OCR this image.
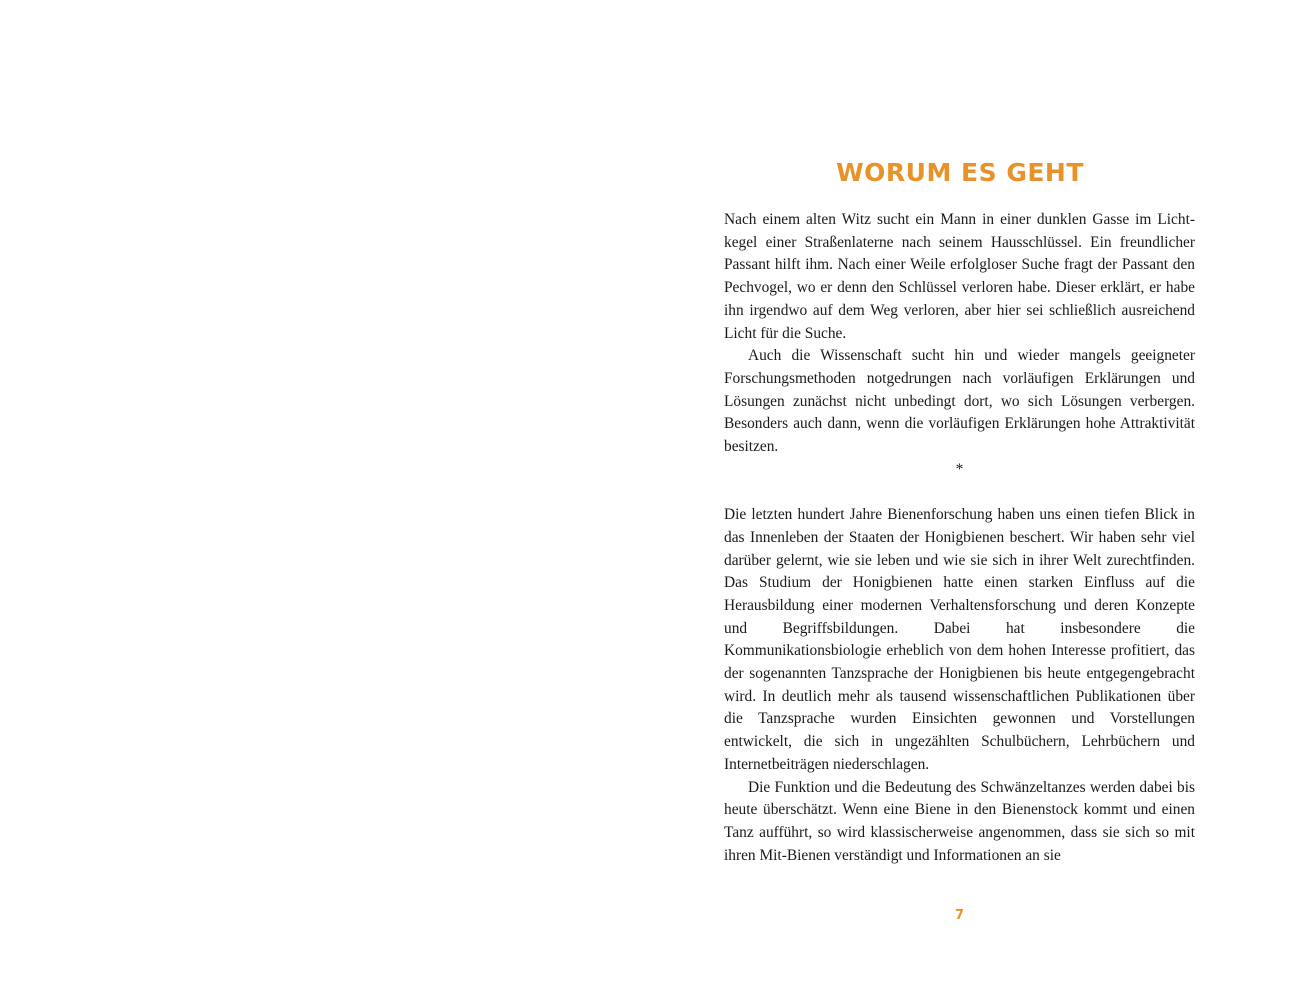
WORUM ES GEHT

Nach einem alten Witz sucht ein Mann in einer dunklen Gasse im Lichtkegel einer Straßenlaterne nach seinem Hausschlüssel. Ein freundlicher Passant hilft ihm. Nach einer Weile erfolgloser Suche fragt der Passant den Pechvogel, wo er denn den Schlüssel verloren habe. Dieser erklärt, er habe ihn irgendwo auf dem Weg verloren, aber hier sei schließlich ausreichend Licht für die Suche.

Auch die Wissenschaft sucht hin und wieder mangels geeigneter Forschungsmethoden notgedrungen nach vorläufigen Erklärungen und Lösungen zunächst nicht unbedingt dort, wo sich Lösungen verbergen. Besonders auch dann, wenn die vorläufigen Erklärungen hohe Attraktivität besitzen.

*

Die letzten hundert Jahre Bienenforschung haben uns einen tiefen Blick in das Innenleben der Staaten der Honigbienen beschert. Wir haben sehr viel darüber gelernt, wie sie leben und wie sie sich in ihrer Welt zurechtfinden. Das Studium der Honigbienen hatte einen starken Einfluss auf die Herausbildung einer modernen Verhaltensforschung und deren Konzepte und Begriffsbildungen. Dabei hat insbesondere die Kommunikationsbiologie erheblich von dem hohen Interesse profitiert, das der sogenannten Tanzsprache der Honigbienen bis heute entgegengebracht wird. In deutlich mehr als tausend wissenschaftlichen Publikationen über die Tanzsprache wurden Einsichten gewonnen und Vorstellungen entwickelt, die sich in ungezählten Schulbüchern, Lehrbüchern und Internetbeiträgen niederschlagen.

Die Funktion und die Bedeutung des Schwänzeltanzes werden dabei bis heute überschätzt. Wenn eine Biene in den Bienenstock kommt und einen Tanz aufführt, so wird klassischerweise angenommen, dass sie sich so mit ihren Mit-Bienen verständigt und Informationen an sie

7
